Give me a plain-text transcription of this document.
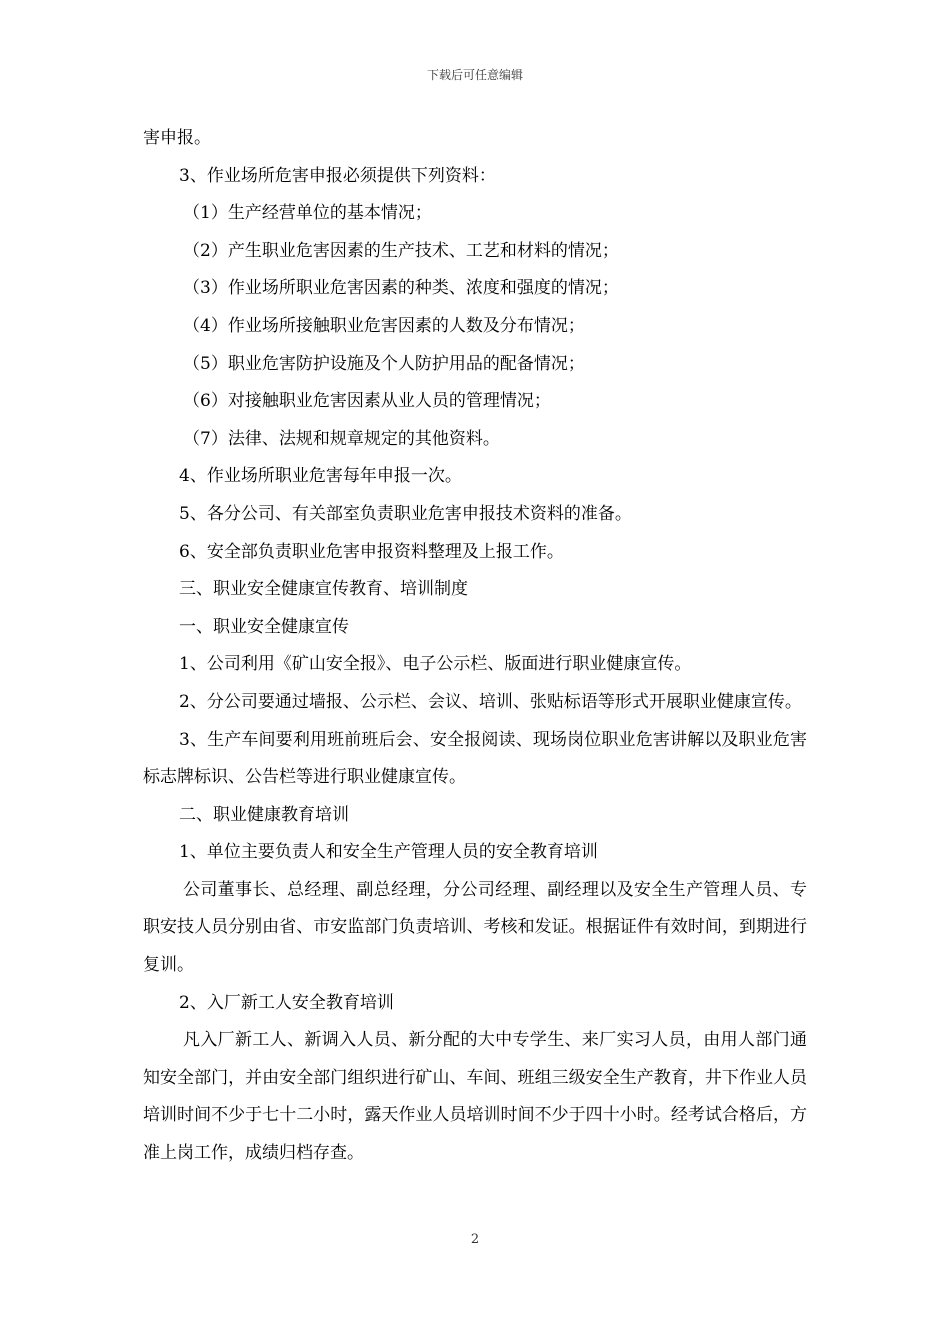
下载后可任意编辑

害申报。

3、作业场所危害申报必须提供下列资料：

（1）生产经营单位的基本情况；

（2）产生职业危害因素的生产技术、工艺和材料的情况；

（3）作业场所职业危害因素的种类、浓度和强度的情况；

（4）作业场所接触职业危害因素的人数及分布情况；

（5）职业危害防护设施及个人防护用品的配备情况；

（6）对接触职业危害因素从业人员的管理情况；

（7）法律、法规和规章规定的其他资料。

4、作业场所职业危害每年申报一次。

5、各分公司、有关部室负责职业危害申报技术资料的准备。

6、安全部负责职业危害申报资料整理及上报工作。

三、职业安全健康宣传教育、培训制度

一、职业安全健康宣传

1、公司利用《矿山安全报》、电子公示栏、版面进行职业健康宣传。

2、分公司要通过墙报、公示栏、会议、培训、张贴标语等形式开展职业健康宣传。

3、生产车间要利用班前班后会、安全报阅读、现场岗位职业危害讲解以及职业危害标志牌标识、公告栏等进行职业健康宣传。

二、职业健康教育培训

1、单位主要负责人和安全生产管理人员的安全教育培训

公司董事长、总经理、副总经理，分公司经理、副经理以及安全生产管理人员、专职安技人员分别由省、市安监部门负责培训、考核和发证。根据证件有效时间，到期进行复训。

2、入厂新工人安全教育培训

凡入厂新工人、新调入人员、新分配的大中专学生、来厂实习人员，由用人部门通知安全部门，并由安全部门组织进行矿山、车间、班组三级安全生产教育，井下作业人员培训时间不少于七十二小时，露天作业人员培训时间不少于四十小时。经考试合格后，方准上岗工作，成绩归档存查。

2
